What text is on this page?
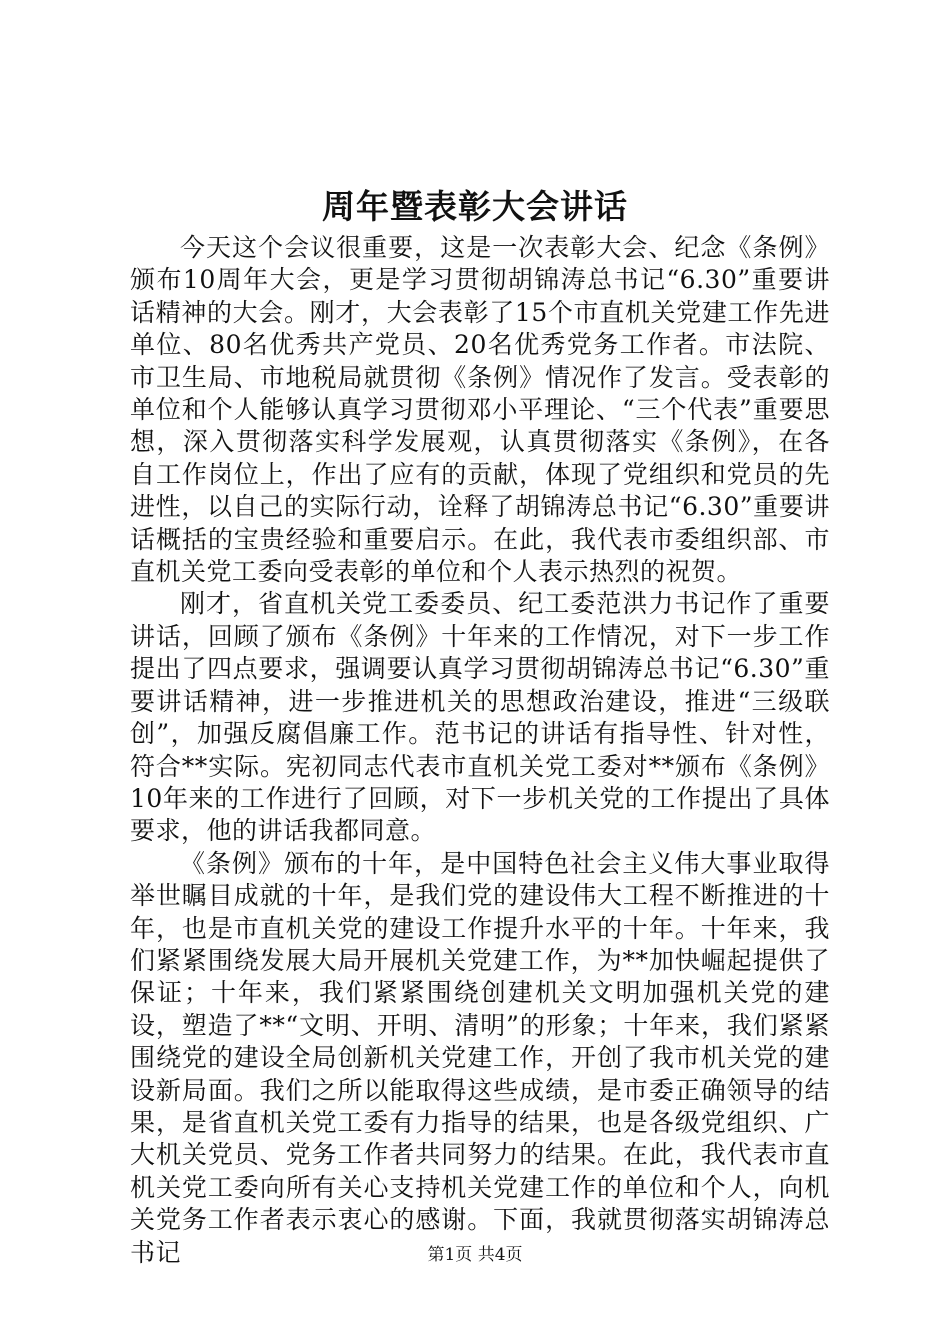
周年暨表彰大会讲话

今天这个会议很重要，这是一次表彰大会、纪念《条例》颁布10周年大会，更是学习贯彻胡锦涛总书记“6.30”重要讲话精神的大会。刚才，大会表彰了15个市直机关党建工作先进单位、80名优秀共产党员、20名优秀党务工作者。市法院、市卫生局、市地税局就贯彻《条例》情况作了发言。受表彰的单位和个人能够认真学习贯彻邓小平理论、“三个代表”重要思想，深入贯彻落实科学发展观，认真贯彻落实《条例》，在各自工作岗位上，作出了应有的贡献，体现了党组织和党员的先进性，以自己的实际行动，诠释了胡锦涛总书记“6.30”重要讲话概括的宝贵经验和重要启示。在此，我代表市委组织部、市直机关党工委向受表彰的单位和个人表示热烈的祝贺。

刚才，省直机关党工委委员、纪工委范洪力书记作了重要讲话，回顾了颁布《条例》十年来的工作情况，对下一步工作提出了四点要求，强调要认真学习贯彻胡锦涛总书记“6.30”重要讲话精神，进一步推进机关的思想政治建设，推进“三级联创”，加强反腐倡廉工作。范书记的讲话有指导性、针对性，符合**实际。宪初同志代表市直机关党工委对**颁布《条例》10年来的工作进行了回顾，对下一步机关党的工作提出了具体要求，他的讲话我都同意。

《条例》颁布的十年，是中国特色社会主义伟大事业取得举世瞩目成就的十年，是我们党的建设伟大工程不断推进的十年，也是市直机关党的建设工作提升水平的十年。十年来，我们紧紧围绕发展大局开展机关党建工作，为**加快崛起提供了保证；十年来，我们紧紧围绕创建机关文明加强机关党的建设，塑造了**“文明、开明、清明”的形象；十年来，我们紧紧围绕党的建设全局创新机关党建工作，开创了我市机关党的建设新局面。我们之所以能取得这些成绩，是市委正确领导的结果，是省直机关党工委有力指导的结果，也是各级党组织、广大机关党员、党务工作者共同努力的结果。在此，我代表市直机关党工委向所有关心支持机关党建工作的单位和个人，向机关党务工作者表示衷心的感谢。下面，我就贯彻落实胡锦涛总书记	第1页 共4页
